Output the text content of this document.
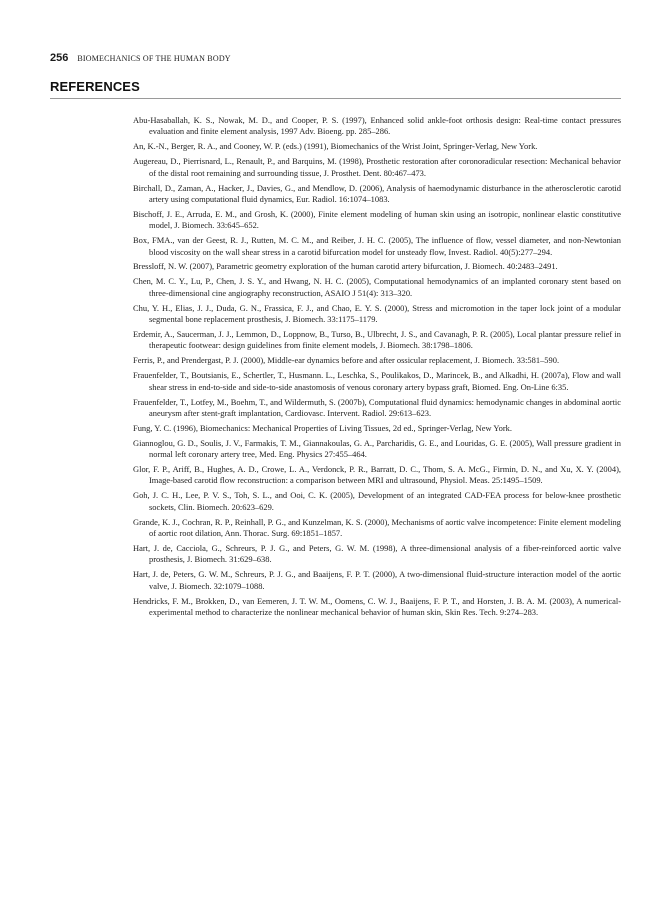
256 BIOMECHANICS OF THE HUMAN BODY
REFERENCES
Abu-Hasaballah, K. S., Nowak, M. D., and Cooper, P. S. (1997), Enhanced solid ankle-foot orthosis design: Real-time contact pressures evaluation and finite element analysis, 1997 Adv. Bioeng. pp. 285–286.
An, K.-N., Berger, R. A., and Cooney, W. P. (eds.) (1991), Biomechanics of the Wrist Joint, Springer-Verlag, New York.
Augereau, D., Pierrisnard, L., Renault, P., and Barquins, M. (1998), Prosthetic restoration after coronoradicular resection: Mechanical behavior of the distal root remaining and surrounding tissue, J. Prosthet. Dent. 80:467–473.
Birchall, D., Zaman, A., Hacker, J., Davies, G., and Mendlow, D. (2006), Analysis of haemodynamic disturbance in the atherosclerotic carotid artery using computational fluid dynamics, Eur. Radiol. 16:1074–1083.
Bischoff, J. E., Arruda, E. M., and Grosh, K. (2000), Finite element modeling of human skin using an isotropic, nonlinear elastic constitutive model, J. Biomech. 33:645–652.
Box, FMA., van der Geest, R. J., Rutten, M. C. M., and Reiber, J. H. C. (2005), The influence of flow, vessel diameter, and non-Newtonian blood viscosity on the wall shear stress in a carotid bifurcation model for unsteady flow, Invest. Radiol. 40(5):277–294.
Bressloff, N. W. (2007), Parametric geometry exploration of the human carotid artery bifurcation, J. Biomech. 40:2483–2491.
Chen, M. C. Y., Lu, P., Chen, J. S. Y., and Hwang, N. H. C. (2005), Computational hemodynamics of an implanted coronary stent based on three-dimensional cine angiography reconstruction, ASAIO J 51(4): 313–320.
Chu, Y. H., Elias, J. J., Duda, G. N., Frassica, F. J., and Chao, E. Y. S. (2000), Stress and micromotion in the taper lock joint of a modular segmental bone replacement prosthesis, J. Biomech. 33:1175–1179.
Erdemir, A., Saucerman, J. J., Lemmon, D., Loppnow, B., Turso, B., Ulbrecht, J. S., and Cavanagh, P. R. (2005), Local plantar pressure relief in therapeutic footwear: design guidelines from finite element models, J. Biomech. 38:1798–1806.
Ferris, P., and Prendergast, P. J. (2000), Middle-ear dynamics before and after ossicular replacement, J. Biomech. 33:581–590.
Frauenfelder, T., Boutsianis, E., Schertler, T., Husmann. L., Leschka, S., Poulikakos, D., Marincek, B., and Alkadhi, H. (2007a), Flow and wall shear stress in end-to-side and side-to-side anastomosis of venous coronary artery bypass graft, Biomed. Eng. On-Line 6:35.
Frauenfelder, T., Lotfey, M., Boehm, T., and Wildermuth, S. (2007b), Computational fluid dynamics: hemodynamic changes in abdominal aortic aneurysm after stent-graft implantation, Cardiovasc. Intervent. Radiol. 29:613–623.
Fung, Y. C. (1996), Biomechanics: Mechanical Properties of Living Tissues, 2d ed., Springer-Verlag, New York.
Giannoglou, G. D., Soulis, J. V., Farmakis, T. M., Giannakoulas, G. A., Parcharidis, G. E., and Louridas, G. E. (2005), Wall pressure gradient in normal left coronary artery tree, Med. Eng. Physics 27:455–464.
Glor, F. P., Ariff, B., Hughes, A. D., Crowe, L. A., Verdonck, P. R., Barratt, D. C., Thom, S. A. McG., Firmin, D. N., and Xu, X. Y. (2004), Image-based carotid flow reconstruction: a comparison between MRI and ultrasound, Physiol. Meas. 25:1495–1509.
Goh, J. C. H., Lee, P. V. S., Toh, S. L., and Ooi, C. K. (2005), Development of an integrated CAD-FEA process for below-knee prosthetic sockets, Clin. Biomech. 20:623–629.
Grande, K. J., Cochran, R. P., Reinhall, P. G., and Kunzelman, K. S. (2000), Mechanisms of aortic valve incompetence: Finite element modeling of aortic root dilation, Ann. Thorac. Surg. 69:1851–1857.
Hart, J. de, Cacciola, G., Schreurs, P. J. G., and Peters, G. W. M. (1998), A three-dimensional analysis of a fiber-reinforced aortic valve prosthesis, J. Biomech. 31:629–638.
Hart, J. de, Peters, G. W. M., Schreurs, P. J. G., and Baaijens, F. P. T. (2000), A two-dimensional fluid-structure interaction model of the aortic valve, J. Biomech. 32:1079–1088.
Hendricks, F. M., Brokken, D., van Eemeren, J. T. W. M., Oomens, C. W. J., Baaijens, F. P. T., and Horsten, J. B. A. M. (2003), A numerical-experimental method to characterize the nonlinear mechanical behavior of human skin, Skin Res. Tech. 9:274–283.
